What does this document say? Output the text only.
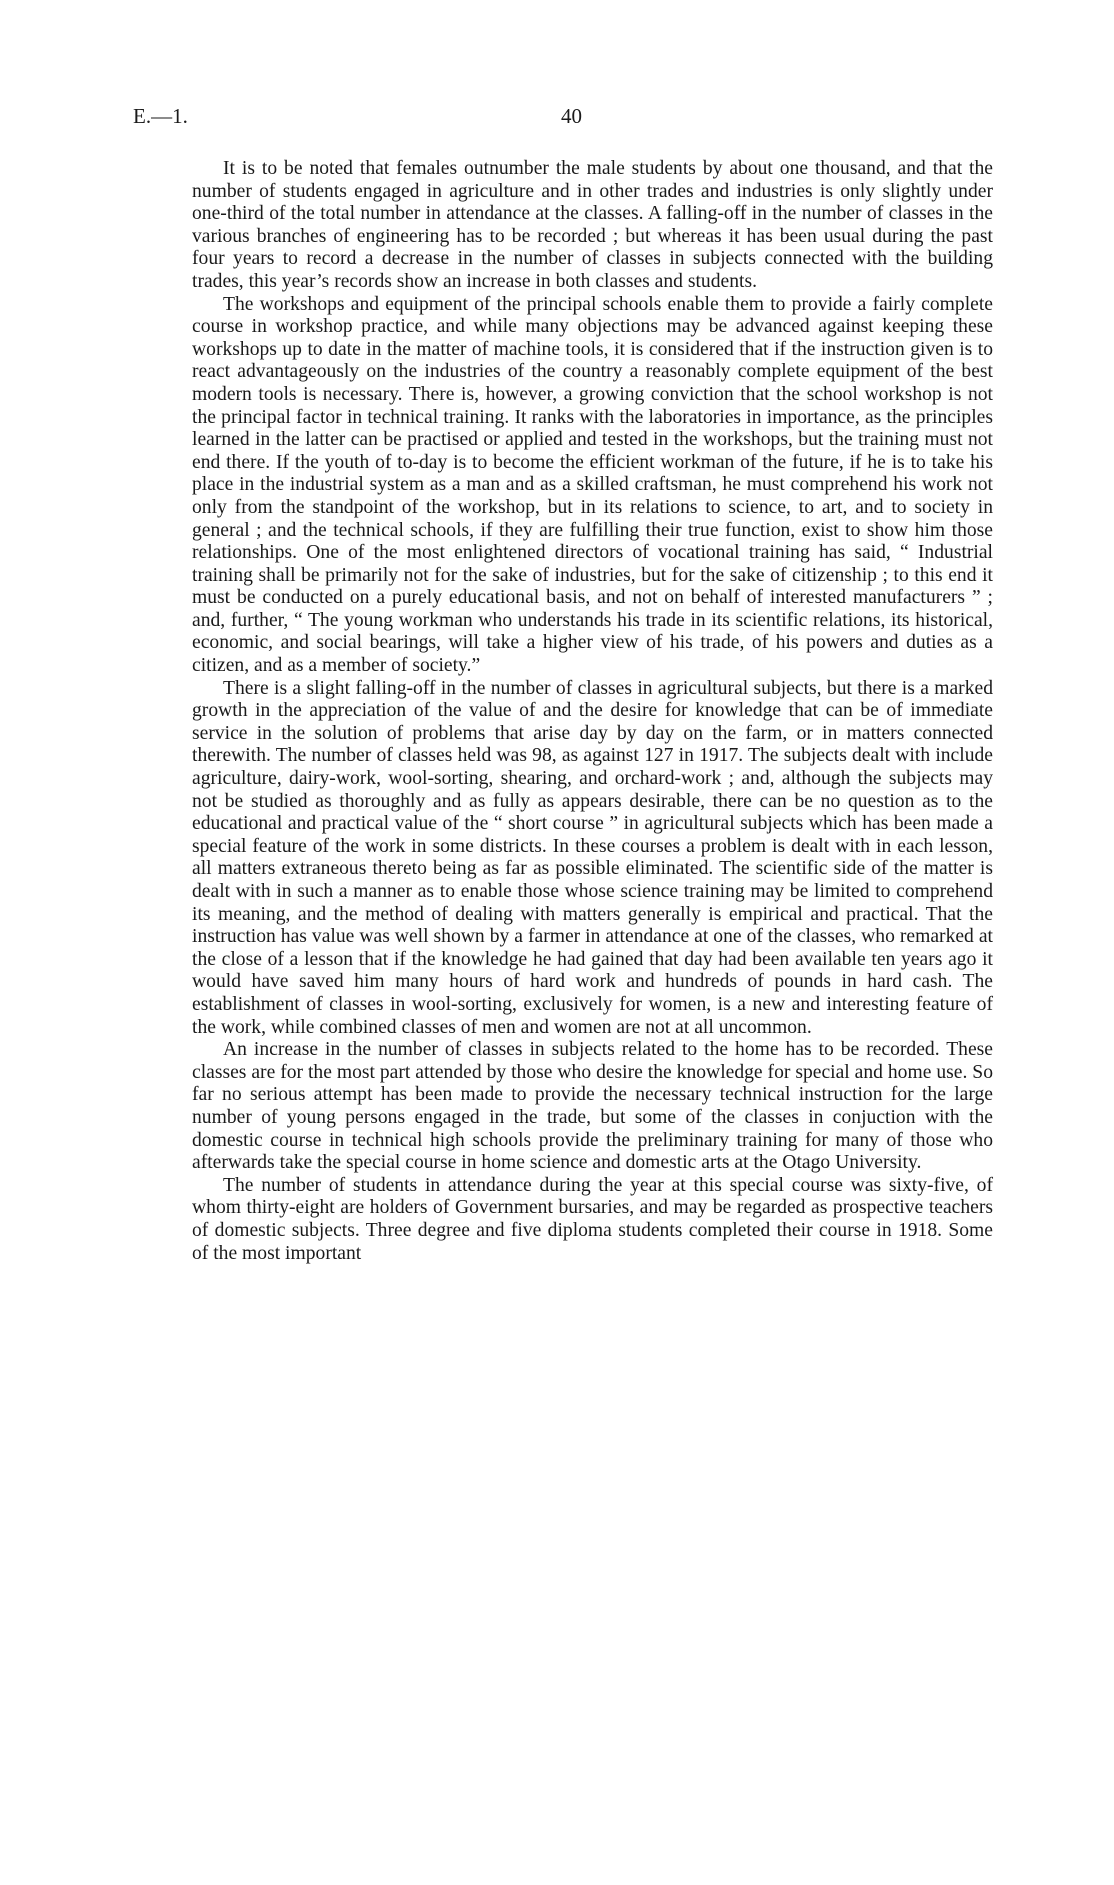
E.—1.	40

It is to be noted that females outnumber the male students by about one thousand, and that the number of students engaged in agriculture and in other trades and industries is only slightly under one-third of the total number in attendance at the classes. A falling-off in the number of classes in the various branches of engineering has to be recorded ; but whereas it has been usual during the past four years to record a decrease in the number of classes in subjects connected with the building trades, this year’s records show an increase in both classes and students.

The workshops and equipment of the principal schools enable them to provide a fairly complete course in workshop practice, and while many objections may be advanced against keeping these workshops up to date in the matter of machine tools, it is considered that if the instruction given is to react advantageously on the industries of the country a reasonably complete equipment of the best modern tools is necessary. There is, however, a growing conviction that the school workshop is not the principal factor in technical training. It ranks with the laboratories in importance, as the principles learned in the latter can be practised or applied and tested in the workshops, but the training must not end there. If the youth of to-day is to become the efficient workman of the future, if he is to take his place in the industrial system as a man and as a skilled craftsman, he must comprehend his work not only from the standpoint of the workshop, but in its relations to science, to art, and to society in general ; and the technical schools, if they are fulfilling their true function, exist to show him those relationships. One of the most enlightened directors of vocational training has said, “ Industrial training shall be primarily not for the sake of industries, but for the sake of citizenship ; to this end it must be conducted on a purely educational basis, and not on behalf of interested manufacturers ” ; and, further, “ The young workman who understands his trade in its scientific relations, its historical, economic, and social bearings, will take a higher view of his trade, of his powers and duties as a citizen, and as a member of society.”

There is a slight falling-off in the number of classes in agricultural subjects, but there is a marked growth in the appreciation of the value of and the desire for knowledge that can be of immediate service in the solution of problems that arise day by day on the farm, or in matters connected therewith. The number of classes held was 98, as against 127 in 1917. The subjects dealt with include agriculture, dairy-work, wool-sorting, shearing, and orchard-work ; and, although the subjects may not be studied as thoroughly and as fully as appears desirable, there can be no question as to the educational and practical value of the “ short course ” in agricultural subjects which has been made a special feature of the work in some districts. In these courses a problem is dealt with in each lesson, all matters extraneous thereto being as far as possible eliminated. The scientific side of the matter is dealt with in such a manner as to enable those whose science training may be limited to comprehend its meaning, and the method of dealing with matters generally is empirical and practical. That the instruction has value was well shown by a farmer in attendance at one of the classes, who remarked at the close of a lesson that if the knowledge he had gained that day had been available ten years ago it would have saved him many hours of hard work and hundreds of pounds in hard cash. The establishment of classes in wool-sorting, exclusively for women, is a new and interesting feature of the work, while combined classes of men and women are not at all uncommon.

An increase in the number of classes in subjects related to the home has to be recorded. These classes are for the most part attended by those who desire the knowledge for special and home use. So far no serious attempt has been made to provide the necessary technical instruction for the large number of young persons engaged in the trade, but some of the classes in conjuction with the domestic course in technical high schools provide the preliminary training for many of those who afterwards take the special course in home science and domestic arts at the Otago University.

The number of students in attendance during the year at this special course was sixty-five, of whom thirty-eight are holders of Government bursaries, and may be regarded as prospective teachers of domestic subjects. Three degree and five diploma students completed their course in 1918. Some of the most important
